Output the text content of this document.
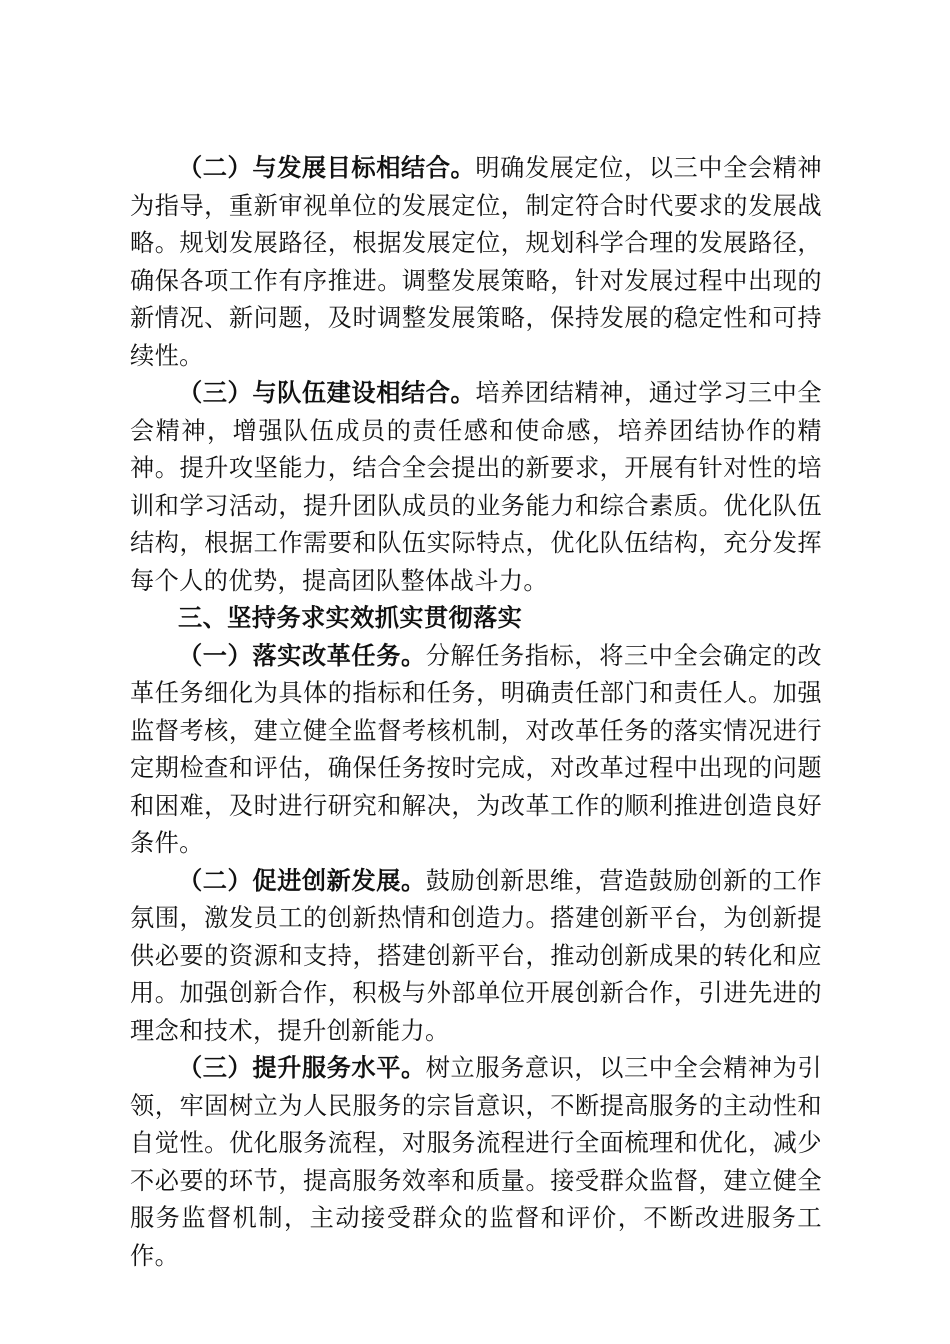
（二）与发展目标相结合。明确发展定位，以三中全会精神为指导，重新审视单位的发展定位，制定符合时代要求的发展战略。规划发展路径，根据发展定位，规划科学合理的发展路径，确保各项工作有序推进。调整发展策略，针对发展过程中出现的新情况、新问题，及时调整发展策略，保持发展的稳定性和可持续性。

（三）与队伍建设相结合。培养团结精神，通过学习三中全会精神，增强队伍成员的责任感和使命感，培养团结协作的精神。提升攻坚能力，结合全会提出的新要求，开展有针对性的培训和学习活动，提升团队成员的业务能力和综合素质。优化队伍结构，根据工作需要和队伍实际特点，优化队伍结构，充分发挥每个人的优势，提高团队整体战斗力。

三、坚持务求实效抓实贯彻落实

（一）落实改革任务。分解任务指标，将三中全会确定的改革任务细化为具体的指标和任务，明确责任部门和责任人。加强监督考核，建立健全监督考核机制，对改革任务的落实情况进行定期检查和评估，确保任务按时完成，对改革过程中出现的问题和困难，及时进行研究和解决，为改革工作的顺利推进创造良好条件。

（二）促进创新发展。鼓励创新思维，营造鼓励创新的工作氛围，激发员工的创新热情和创造力。搭建创新平台，为创新提供必要的资源和支持，搭建创新平台，推动创新成果的转化和应用。加强创新合作，积极与外部单位开展创新合作，引进先进的理念和技术，提升创新能力。

（三）提升服务水平。树立服务意识，以三中全会精神为引领，牢固树立为人民服务的宗旨意识，不断提高服务的主动性和自觉性。优化服务流程，对服务流程进行全面梳理和优化，减少不必要的环节，提高服务效率和质量。接受群众监督，建立健全服务监督机制，主动接受群众的监督和评价，不断改进服务工作。
